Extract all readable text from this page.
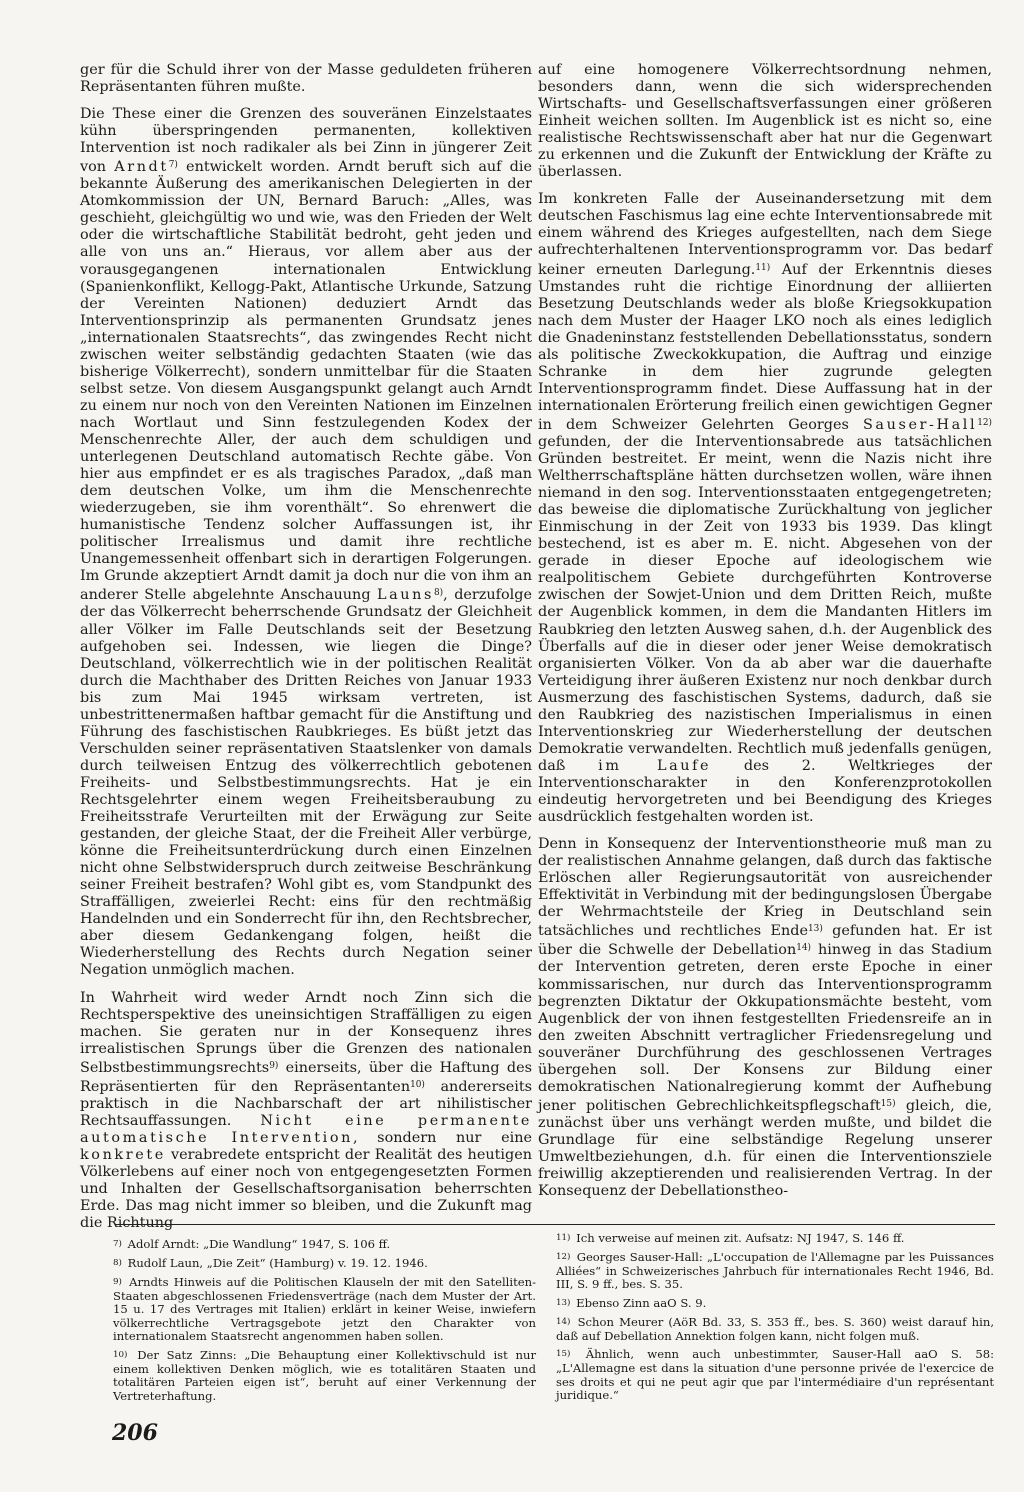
ger für die Schuld ihrer von der Masse geduldeten früheren Repräsentanten führen mußte.

Die These einer die Grenzen des souveränen Einzelstaates kühn überspringenden permanenten, kollektiven Intervention ist noch radikaler als bei Zinn in jüngerer Zeit von Arndt$^{7)}$ entwickelt worden. Arndt beruft sich auf die bekannte Äußerung des amerikanischen Delegierten in der Atomkommission der UN, Bernard Baruch: „Alles, was geschieht, gleichgültig wo und wie, was den Frieden der Welt oder die wirtschaftliche Stabilität bedroht, geht jeden und alle von uns an.“ Hieraus, vor allem aber aus der vorausgegangenen internationalen Entwicklung (Spanienkonflikt, Kellogg-Pakt, Atlantische Urkunde, Satzung der Vereinten Nationen) deduziert Arndt das Interventionsprinzip als permanenten Grundsatz jenes „internationalen Staatsrechts“, das zwingendes Recht nicht zwischen weiter selbständig gedachten Staaten (wie das bisherige Völkerrecht), sondern unmittelbar für die Staaten selbst setze. Von diesem Ausgangspunkt gelangt auch Arndt zu einem nur noch von den Vereinten Nationen im Einzelnen nach Wortlaut und Sinn festzulegenden Kodex der Menschenrechte Aller, der auch dem schuldigen und unterlegenen Deutschland automatisch Rechte gäbe. Von hier aus empfindet er es als tragisches Paradox, „daß man dem deutschen Volke, um ihm die Menschenrechte wiederzugeben, sie ihm vorenthält“. So ehrenwert die humanistische Tendenz solcher Auffassungen ist, ihr politischer Irrealismus und damit ihre rechtliche Unangemessenheit offenbart sich in derartigen Folgerungen. Im Grunde akzeptiert Arndt damit ja doch nur die von ihm an anderer Stelle abgelehnte Anschauung Launs$^{8)}$, derzufolge der das Völkerrecht beherrschende Grundsatz der Gleichheit aller Völker im Falle Deutschlands seit der Besetzung aufgehoben sei. Indessen, wie liegen die Dinge? Deutschland, völkerrechtlich wie in der politischen Realität durch die Machthaber des Dritten Reiches von Januar 1933 bis zum Mai 1945 wirksam vertreten, ist unbestrittenermaßen haftbar gemacht für die Anstiftung und Führung des faschistischen Raubkrieges. Es büßt jetzt das Verschulden seiner repräsentativen Staatslenker von damals durch teilweisen Entzug des völkerrechtlich gebotenen Freiheits- und Selbstbestimmungsrechts. Hat je ein Rechtsgelehrter einem wegen Freiheitsberaubung zu Freiheitsstrafe Verurteilten mit der Erwägung zur Seite gestanden, der gleiche Staat, der die Freiheit Aller verbürge, könne die Freiheitsunterdrückung durch einen Einzelnen nicht ohne Selbstwiderspruch durch zeitweise Beschränkung seiner Freiheit bestrafen? Wohl gibt es, vom Standpunkt des Straffälligen, zweierlei Recht: eins für den rechtmäßig Handelnden und ein Sonderrecht für ihn, den Rechtsbrecher, aber diesem Gedankengang folgen, heißt die Wiederherstellung des Rechts durch Negation seiner Negation unmöglich machen.

In Wahrheit wird weder Arndt noch Zinn sich die Rechtsperspektive des uneinsichtigen Straffälligen zu eigen machen. Sie geraten nur in der Konsequenz ihres irrealistischen Sprungs über die Grenzen des nationalen Selbstbestimmungsrechts$^{9)}$ einerseits, über die Haftung des Repräsentierten für den Repräsentanten$^{10)}$ andererseits praktisch in die Nachbarschaft der art nihilistischer Rechtsauffassungen. Nicht eine permanente automatische Intervention, sondern nur eine konkrete verabredete entspricht der Realität des heutigen Völkerlebens auf einer noch von entgegengesetzten Formen und Inhalten der Gesellschaftsorganisation beherrschten Erde. Das mag nicht immer so bleiben, und die Zukunft mag die Richtung

auf eine homogenere Völkerrechtsordnung nehmen, besonders dann, wenn die sich widersprechenden Wirtschafts- und Gesellschaftsverfassungen einer größeren Einheit weichen sollten. Im Augenblick ist es nicht so, eine realistische Rechtswissenschaft aber hat nur die Gegenwart zu erkennen und die Zukunft der Entwicklung der Kräfte zu überlassen.

Im konkreten Falle der Auseinandersetzung mit dem deutschen Faschismus lag eine echte Interventionsabrede mit einem während des Krieges aufgestellten, nach dem Siege aufrechterhaltenen Interventionsprogramm vor. Das bedarf keiner erneuten Darlegung.$^{11)}$ Auf der Erkenntnis dieses Umstandes ruht die richtige Einordnung der alliierten Besetzung Deutschlands weder als bloße Kriegsokkupation nach dem Muster der Haager LKO noch als eines lediglich die Gnadeninstanz feststellenden Debellationsstatus, sondern als politische Zweckokkupation, die Auftrag und einzige Schranke in dem hier zugrunde gelegten Interventionsprogramm findet. Diese Auffassung hat in der internationalen Erörterung freilich einen gewichtigen Gegner in dem Schweizer Gelehrten Georges Sauser-Hall$^{12)}$ gefunden, der die Interventionsabrede aus tatsächlichen Gründen bestreitet. Er meint, wenn die Nazis nicht ihre Weltherrschaftspläne hätten durchsetzen wollen, wäre ihnen niemand in den sog. Interventionsstaaten entgegengetreten; das beweise die diplomatische Zurückhaltung von jeglicher Einmischung in der Zeit von 1933 bis 1939. Das klingt bestechend, ist es aber m. E. nicht. Abgesehen von der gerade in dieser Epoche auf ideologischem wie realpolitischem Gebiete durchgeführten Kontroverse zwischen der Sowjet-Union und dem Dritten Reich, mußte der Augenblick kommen, in dem die Mandanten Hitlers im Raubkrieg den letzten Ausweg sahen, d.h. der Augenblick des Überfalls auf die in dieser oder jener Weise demokratisch organisierten Völker. Von da ab aber war die dauerhafte Verteidigung ihrer äußeren Existenz nur noch denkbar durch Ausmerzung des faschistischen Systems, dadurch, daß sie den Raubkrieg des nazistischen Imperialismus in einen Interventionskrieg zur Wiederherstellung der deutschen Demokratie verwandelten. Rechtlich muß jedenfalls genügen, daß im Laufe des 2. Weltkrieges der Interventionscharakter in den Konferenzprotokollen eindeutig hervorgetreten und bei Beendigung des Krieges ausdrücklich festgehalten worden ist.

Denn in Konsequenz der Interventionstheorie muß man zu der realistischen Annahme gelangen, daß durch das faktische Erlöschen aller Regierungsautorität von ausreichender Effektivität in Verbindung mit der bedingungslosen Übergabe der Wehrmachtsteile der Krieg in Deutschland sein tatsächliches und rechtliches Ende$^{13)}$ gefunden hat. Er ist über die Schwelle der Debellation$^{14)}$ hinweg in das Stadium der Intervention getreten, deren erste Epoche in einer kommissarischen, nur durch das Interventionsprogramm begrenzten Diktatur der Okkupationsmächte besteht, vom Augenblick der von ihnen festgestellten Friedensreife an in den zweiten Abschnitt vertraglicher Friedensregelung und souveräner Durchführung des geschlossenen Vertrages übergehen soll. Der Konsens zur Bildung einer demokratischen Nationalregierung kommt der Aufhebung jener politischen Gebrechlichkeitspflegschaft$^{15)}$ gleich, die, zunächst über uns verhängt werden mußte, und bildet die Grundlage für eine selbständige Regelung unserer Umweltbeziehungen, d.h. für einen die Interventionsziele freiwillig akzeptierenden und realisierenden Vertrag. In der Konsequenz der Debellationstheo-

7) Adolf Arndt: „Die Wandlung“ 1947, S. 106 ff.

8) Rudolf Laun, „Die Zeit“ (Hamburg) v. 19. 12. 1946.

9) Arndts Hinweis auf die Politischen Klauseln der mit den Satelliten-Staaten abgeschlossenen Friedensverträge (nach dem Muster der Art. 15 u. 17 des Vertrages mit Italien) erklärt in keiner Weise, inwiefern völkerrechtliche Vertragsgebote jetzt den Charakter von internationalem Staatsrecht angenommen haben sollen.

10) Der Satz Zinns: „Die Behauptung einer Kollektivschuld ist nur einem kollektiven Denken möglich, wie es totalitären Staaten und totalitären Parteien eigen ist“, beruht auf einer Verkennung der Vertreterhaftung.

11) Ich verweise auf meinen zit. Aufsatz: NJ 1947, S. 146 ff.

12) Georges Sauser-Hall: „L'occupation de l'Allemagne par les Puissances Alliées“ in Schweizerisches Jahrbuch für internationales Recht 1946, Bd. III, S. 9 ff., bes. S. 35.

13) Ebenso Zinn aaO S. 9.

14) Schon Meurer (AöR Bd. 33, S. 353 ff., bes. S. 360) weist darauf hin, daß auf Debellation Annektion folgen kann, nicht folgen muß.

15) Ähnlich, wenn auch unbestimmter, Sauser-Hall aaO S. 58: „L'Allemagne est dans la situation d'une personne privée de l'exercice de ses droits et qui ne peut agir que par l'intermédiaire d'un représentant juridique.“

206
